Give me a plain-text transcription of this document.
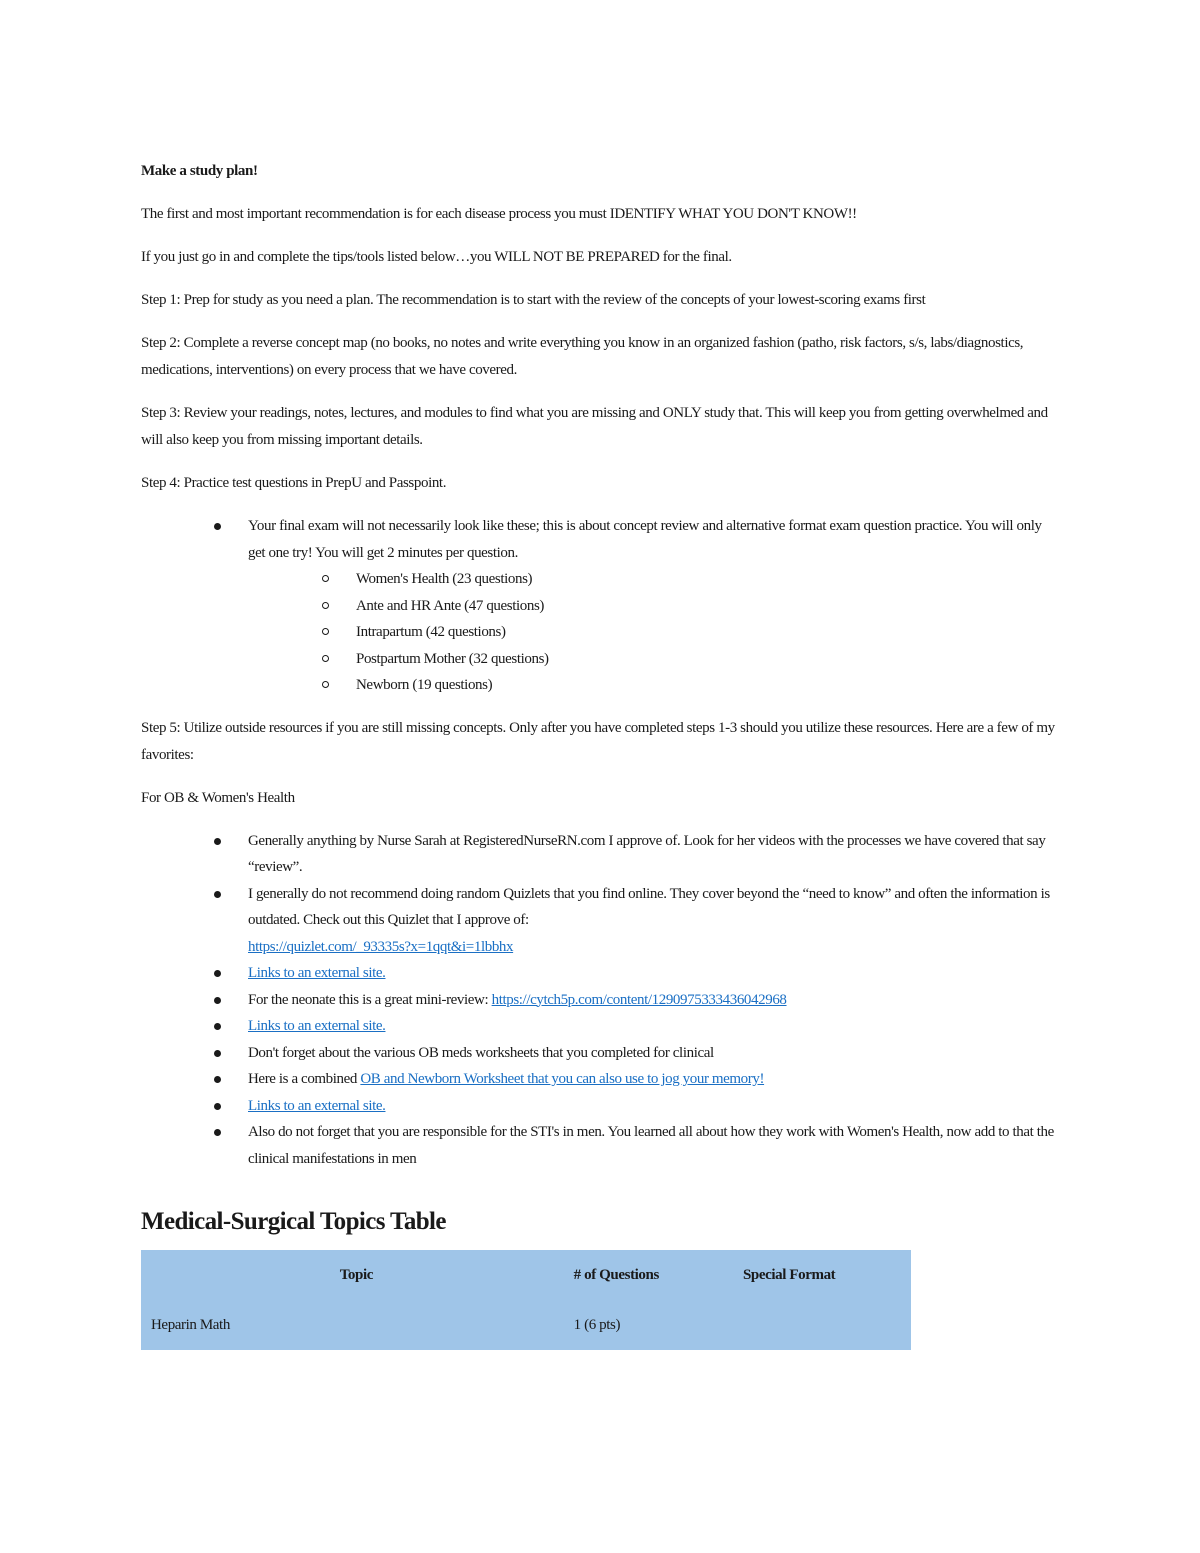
Make a study plan!

The first and most important recommendation is for each disease process you must IDENTIFY WHAT YOU DON'T KNOW!!

If you just go in and complete the tips/tools listed below…you WILL NOT BE PREPARED for the final.

Step 1: Prep for study as you need a plan. The recommendation is to start with the review of the concepts of your lowest-scoring exams first

Step 2: Complete a reverse concept map (no books, no notes and write everything you know in an organized fashion (patho, risk factors, s/s, labs/diagnostics, medications, interventions) on every process that we have covered.

Step 3: Review your readings, notes, lectures, and modules to find what you are missing and ONLY study that. This will keep you from getting overwhelmed and will also keep you from missing important details.

Step 4: Practice test questions in PrepU and Passpoint.

Your final exam will not necessarily look like these; this is about concept review and alternative format exam question practice. You will only get one try! You will get 2 minutes per question.
Women's Health (23 questions)
Ante and HR Ante (47 questions)
Intrapartum (42 questions)
Postpartum Mother (32 questions)
Newborn (19 questions)

Step 5: Utilize outside resources if you are still missing concepts. Only after you have completed steps 1-3 should you utilize these resources. Here are a few of my favorites:

For OB & Women's Health

Generally anything by Nurse Sarah at RegisteredNurseRN.com I approve of. Look for her videos with the processes we have covered that say “review”.
I generally do not recommend doing random Quizlets that you find online. They cover beyond the “need to know” and often the information is outdated. Check out this Quizlet that I approve of:
https://quizlet.com/_93335s?x=1qqt&i=1lbbhx
Links to an external site.
For the neonate this is a great mini-review: https://cytch5p.com/content/1290975333436042968
Links to an external site.
Don't forget about the various OB meds worksheets that you completed for clinical
Here is a combined OB and Newborn Worksheet that you can also use to jog your memory!
Links to an external site.
Also do not forget that you are responsible for the STI's in men. You learned all about how they work with Women's Health, now add to that the clinical manifestations in men
Medical-Surgical Topics Table
Topic	# of Questions	Special Format
Heparin Math	1 (6 pts)	
